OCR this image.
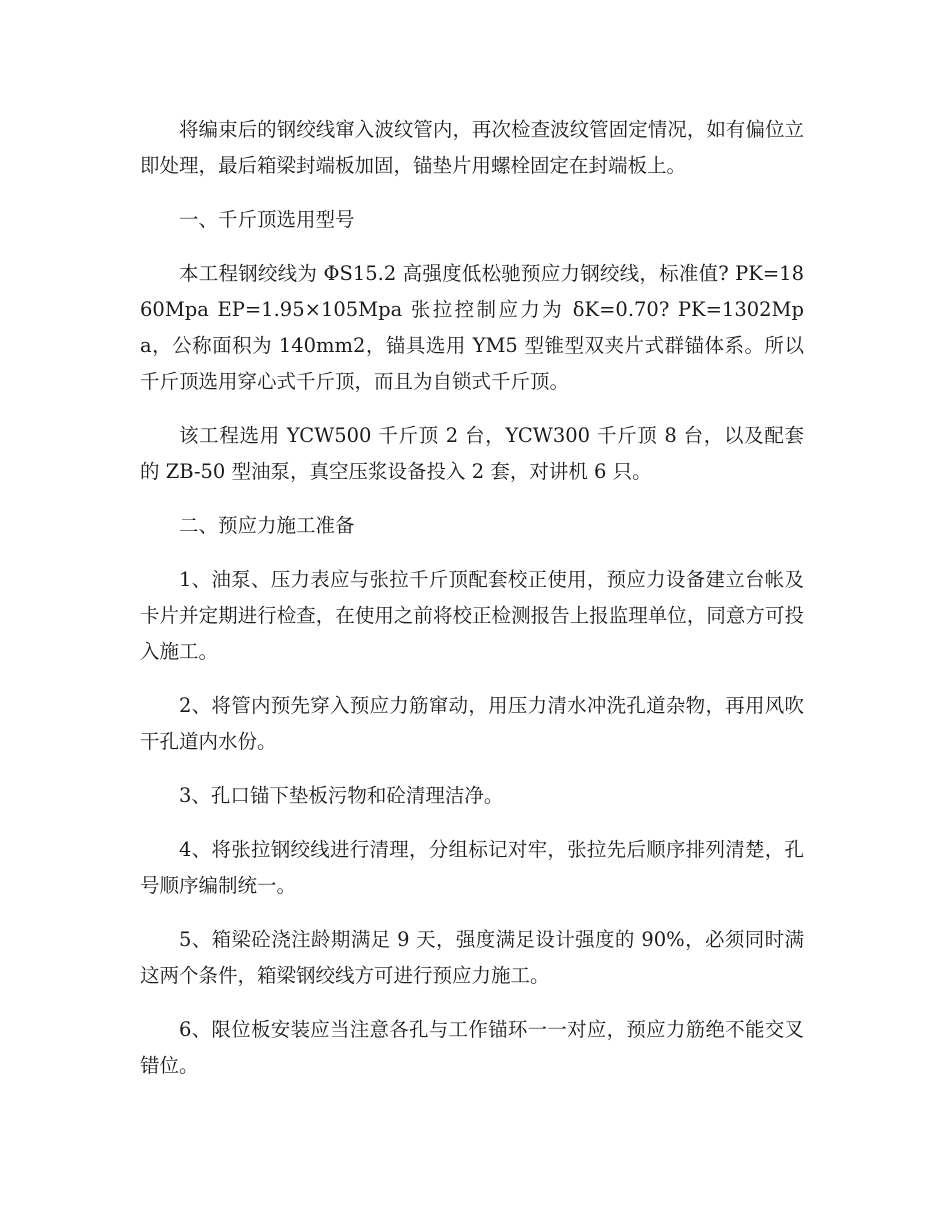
将编束后的钢绞线窜入波纹管内，再次检查波纹管固定情况，如有偏位立即处理，最后箱梁封端板加固，锚垫片用螺栓固定在封端板上。

一、千斤顶选用型号

本工程钢绞线为 ΦS15.2 高强度低松驰预应力钢绞线，标准值? PK=1860Mpa EP=1.95×105Mpa 张拉控制应力为 δK=0.70? PK=1302Mpa，公称面积为 140mm2，锚具选用 YM5 型锥型双夹片式群锚体系。所以千斤顶选用穿心式千斤顶，而且为自锁式千斤顶。

该工程选用 YCW500 千斤顶 2 台，YCW300 千斤顶 8 台，以及配套的 ZB-50 型油泵，真空压浆设备投入 2 套，对讲机 6 只。

二、预应力施工准备

1、油泵、压力表应与张拉千斤顶配套校正使用，预应力设备建立台帐及卡片并定期进行检查，在使用之前将校正检测报告上报监理单位，同意方可投入施工。

2、将管内预先穿入预应力筋窜动，用压力清水冲洗孔道杂物，再用风吹干孔道内水份。

3、孔口锚下垫板污物和砼清理洁净。

4、将张拉钢绞线进行清理，分组标记对牢，张拉先后顺序排列清楚，孔号顺序编制统一。

5、箱梁砼浇注龄期满足 9 天，强度满足设计强度的 90%，必须同时满这两个条件，箱梁钢绞线方可进行预应力施工。

6、限位板安装应当注意各孔与工作锚环一一对应，预应力筋绝不能交叉错位。
